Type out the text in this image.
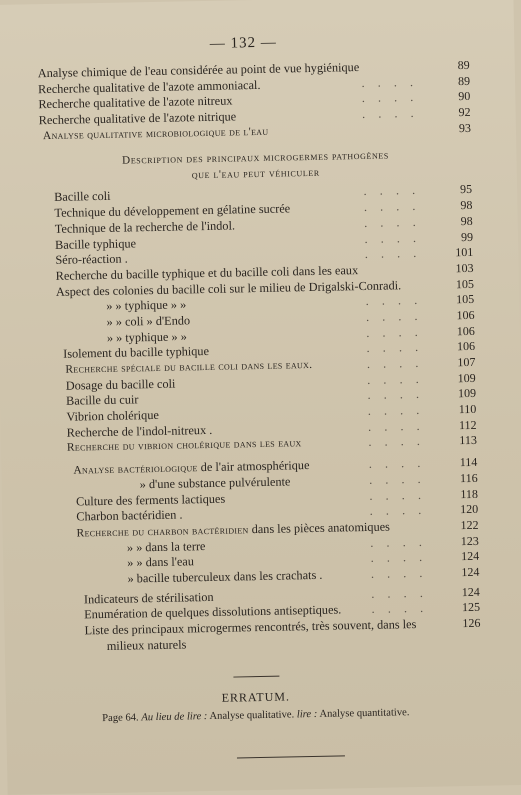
— 132 —
Analyse chimique de l'eau considérée au point de vue hygiénique	89
Recherche qualitative de l'azote ammoniacal.	. . . .	89
Recherche qualitative de l'azote nitreux	. . . .	90
Recherche qualitative de l'azote nitrique	. . . .	92
Analyse qualitative microbiologique de l'eau	93
Description des principaux microgermes pathogènes
que l'eau peut véhiculer
Bacille coli	. . . .	95
Technique du développement en gélatine sucrée	. . . .	98
Technique de la recherche de l'indol.	. . . .	98
Bacille typhique	. . . .	99
Séro-réaction .	. . . .	101
Recherche du bacille typhique et du bacille coli dans les eaux	103
Aspect des colonies du bacille coli sur le milieu de Drigalski-Conradi.	105
» » typhique » »	. . . .	105
» » coli » d'Endo	. . . .	106
» » typhique » »	. . . .	106
Isolement du bacille typhique	. . . .	106
Recherche spéciale du bacille coli dans les eaux.	. . . .	107
Dosage du bacille coli	. . . .	109
Bacille du cuir	. . . .	109
Vibrion cholérique	. . . .	110
Recherche de l'indol-nitreux .	. . . .	112
Recherche du vibrion cholérique dans les eaux	. . . .	113
Analyse bactériologique de l'air atmosphérique	. . . .	114
» d'une substance pulvérulente	. . . .	116
Culture des ferments lactiques	. . . .	118
Charbon bactéridien .	. . . .	120
Recherche du charbon bactéridien dans les pièces anatomiques	122
» » dans la terre	. . . .	123
» » dans l'eau	. . . .	124
» bacille tuberculeux dans les crachats .	. . . .	124
Indicateurs de stérilisation	. . . .	124
Enumération de quelques dissolutions antiseptiques. . . . .	125
Liste des principaux microgermes rencontrés, très souvent, dans les	126
milieux naturels
ERRATUM.
Page 64. Au lieu de lire : Analyse qualitative. lire : Analyse quantitative.
